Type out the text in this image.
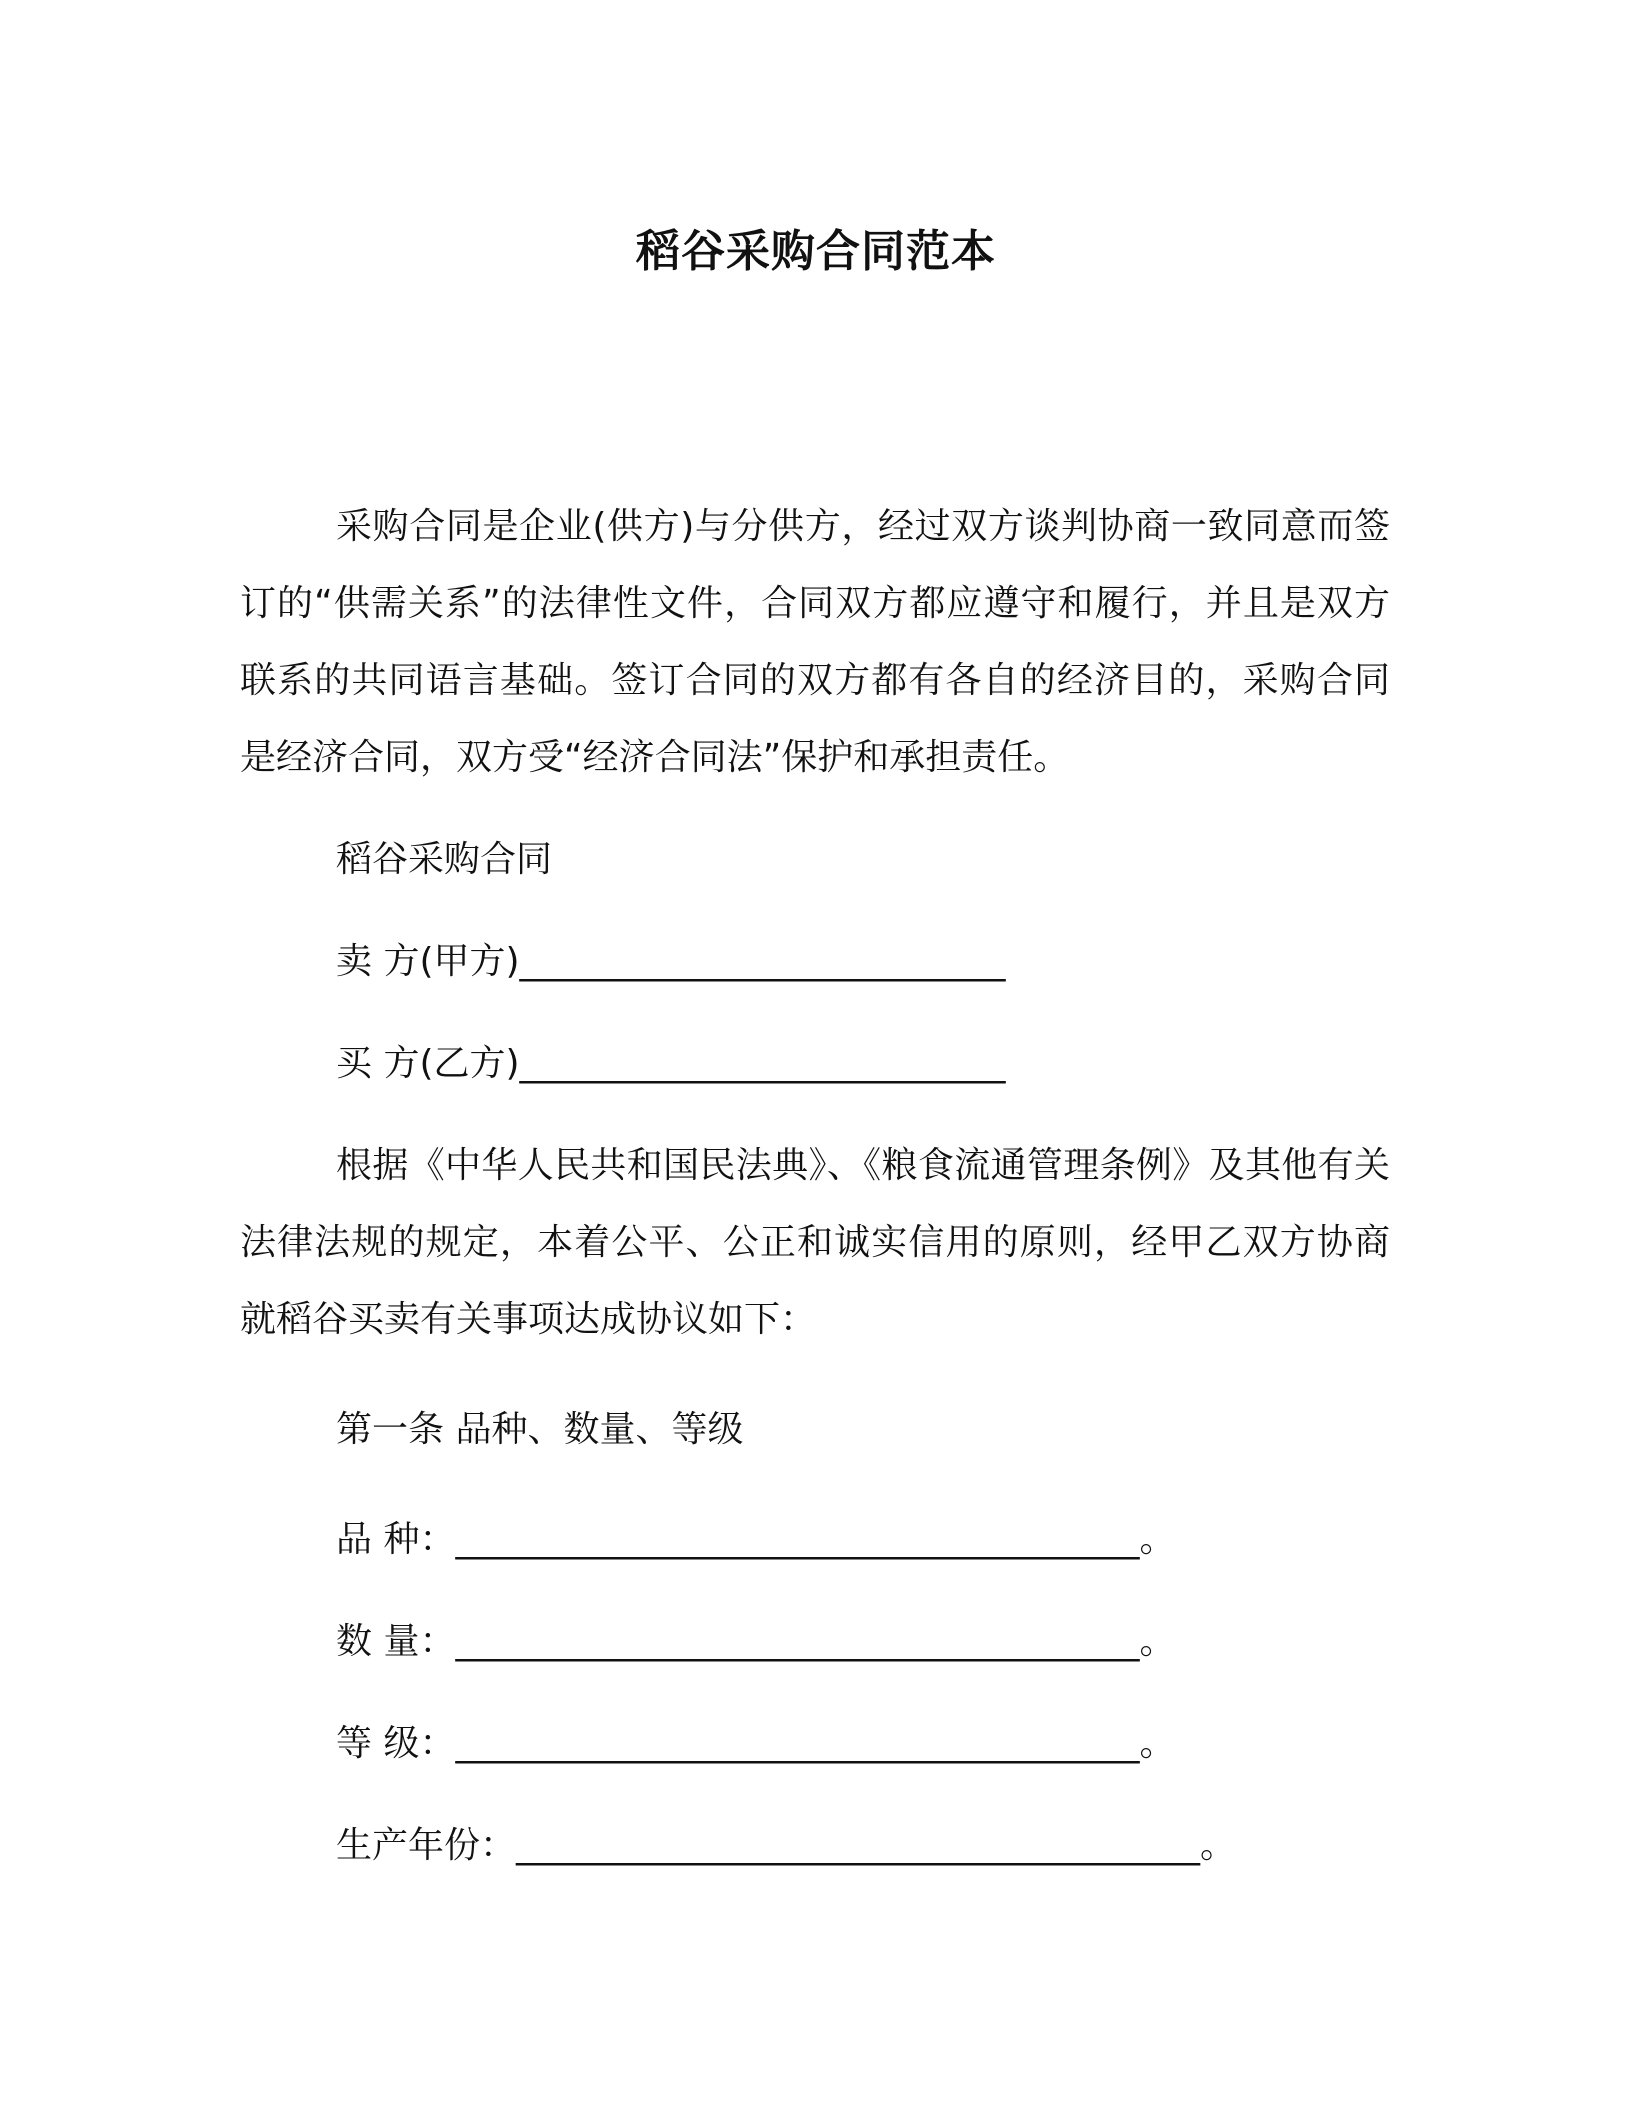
稻谷采购合同范本

采购合同是企业(供方)与分供方，经过双方谈判协商一致同意而签订的“供需关系”的法律性文件，合同双方都应遵守和履行，并且是双方联系的共同语言基础。签订合同的双方都有各自的经济目的，采购合同是经济合同，双方受“经济合同法”保护和承担责任。

稻谷采购合同

卖 方(甲方)___________________________

买 方(乙方)___________________________

根据《中华人民共和国民法典》、《粮食流通管理条例》及其他有关法律法规的规定，本着公平、公正和诚实信用的原则，经甲乙双方协商就稻谷买卖有关事项达成协议如下：

第一条 品种、数量、等级

品 种：______________________________________。

数 量：______________________________________。

等 级：______________________________________。

生产年份：______________________________________。
